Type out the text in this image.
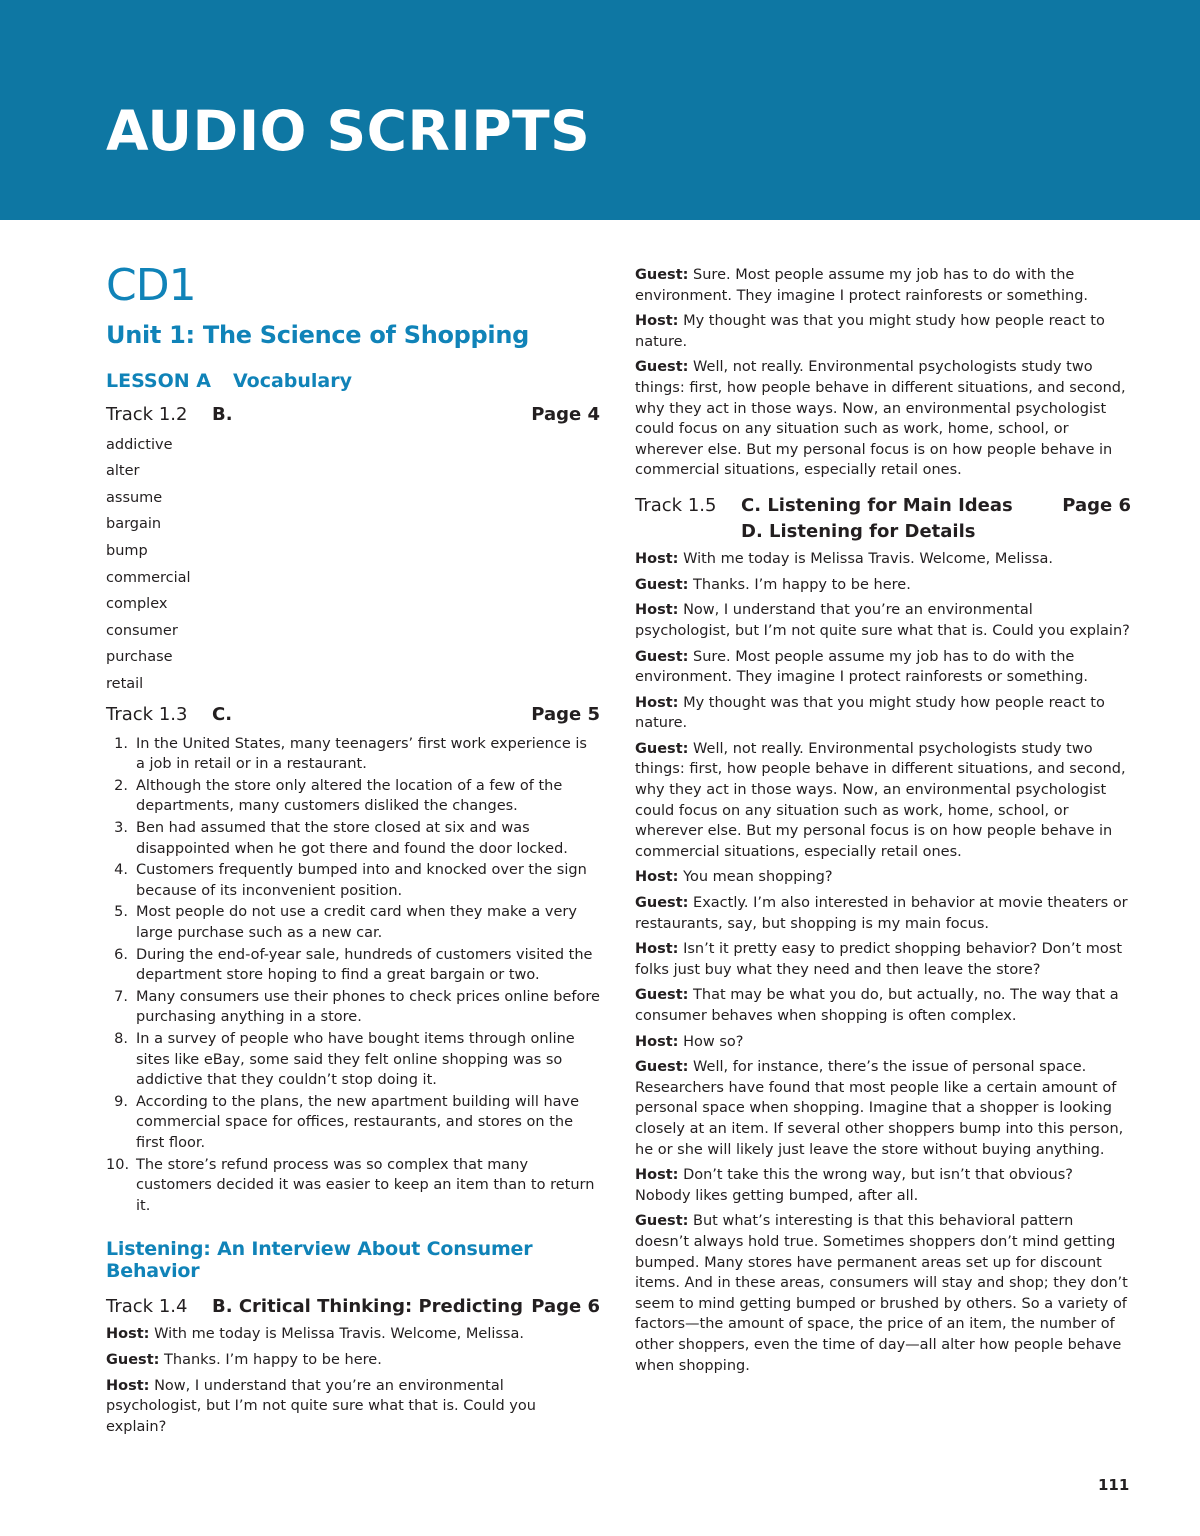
AUDIO SCRIPTS
CD1
Unit 1: The Science of Shopping
LESSON A Vocabulary
Track 1.2	B.	Page 4
addictive
alter
assume
bargain
bump
commercial
complex
consumer
purchase
retail
Track 1.3	C.	Page 5
1. In the United States, many teenagers’ first work experience is a job in retail or in a restaurant.
2. Although the store only altered the location of a few of the departments, many customers disliked the changes.
3. Ben had assumed that the store closed at six and was disappointed when he got there and found the door locked.
4. Customers frequently bumped into and knocked over the sign because of its inconvenient position.
5. Most people do not use a credit card when they make a very large purchase such as a new car.
6. During the end-of-year sale, hundreds of customers visited the department store hoping to find a great bargain or two.
7. Many consumers use their phones to check prices online before purchasing anything in a store.
8. In a survey of people who have bought items through online sites like eBay, some said they felt online shopping was so addictive that they couldn’t stop doing it.
9. According to the plans, the new apartment building will have commercial space for offices, restaurants, and stores on the first floor.
10. The store’s refund process was so complex that many customers decided it was easier to keep an item than to return it.
Listening: An Interview About Consumer Behavior
Track 1.4	B. Critical Thinking: Predicting Page 6

Host: With me today is Melissa Travis. Welcome, Melissa.

Guest: Thanks. I’m happy to be here.

Host: Now, I understand that you’re an environmental psychologist, but I’m not quite sure what that is. Could you explain?

Guest: Sure. Most people assume my job has to do with the environment. They imagine I protect rainforests or something.

Host: My thought was that you might study how people react to nature.

Guest: Well, not really. Environmental psychologists study two things: first, how people behave in different situations, and second, why they act in those ways. Now, an environmental psychologist could focus on any situation such as work, home, school, or wherever else. But my personal focus is on how people behave in commercial situations, especially retail ones.

Track 1.5	C. Listening for Main Ideas
D. Listening for Details
Page 6

Host: With me today is Melissa Travis. Welcome, Melissa.

Guest: Thanks. I’m happy to be here.

Host: Now, I understand that you’re an environmental psychologist, but I’m not quite sure what that is. Could you explain?

Guest: Sure. Most people assume my job has to do with the environment. They imagine I protect rainforests or something.

Host: My thought was that you might study how people react to nature.

Guest: Well, not really. Environmental psychologists study two things: first, how people behave in different situations, and second, why they act in those ways. Now, an environmental psychologist could focus on any situation such as work, home, school, or wherever else. But my personal focus is on how people behave in commercial situations, especially retail ones.

Host: You mean shopping?

Guest: Exactly. I’m also interested in behavior at movie theaters or restaurants, say, but shopping is my main focus.

Host: Isn’t it pretty easy to predict shopping behavior? Don’t most folks just buy what they need and then leave the store?

Guest: That may be what you do, but actually, no. The way that a consumer behaves when shopping is often complex.

Host: How so?

Guest: Well, for instance, there’s the issue of personal space. Researchers have found that most people like a certain amount of personal space when shopping. Imagine that a shopper is looking closely at an item. If several other shoppers bump into this person, he or she will likely just leave the store without buying anything.

Host: Don’t take this the wrong way, but isn’t that obvious? Nobody likes getting bumped, after all.

Guest: But what’s interesting is that this behavioral pattern doesn’t always hold true. Sometimes shoppers don’t mind getting bumped. Many stores have permanent areas set up for discount items. And in these areas, consumers will stay and shop; they don’t seem to mind getting bumped or brushed by others. So a variety of factors—the amount of space, the price of an item, the number of other shoppers, even the time of day—all alter how people behave when shopping.

111
